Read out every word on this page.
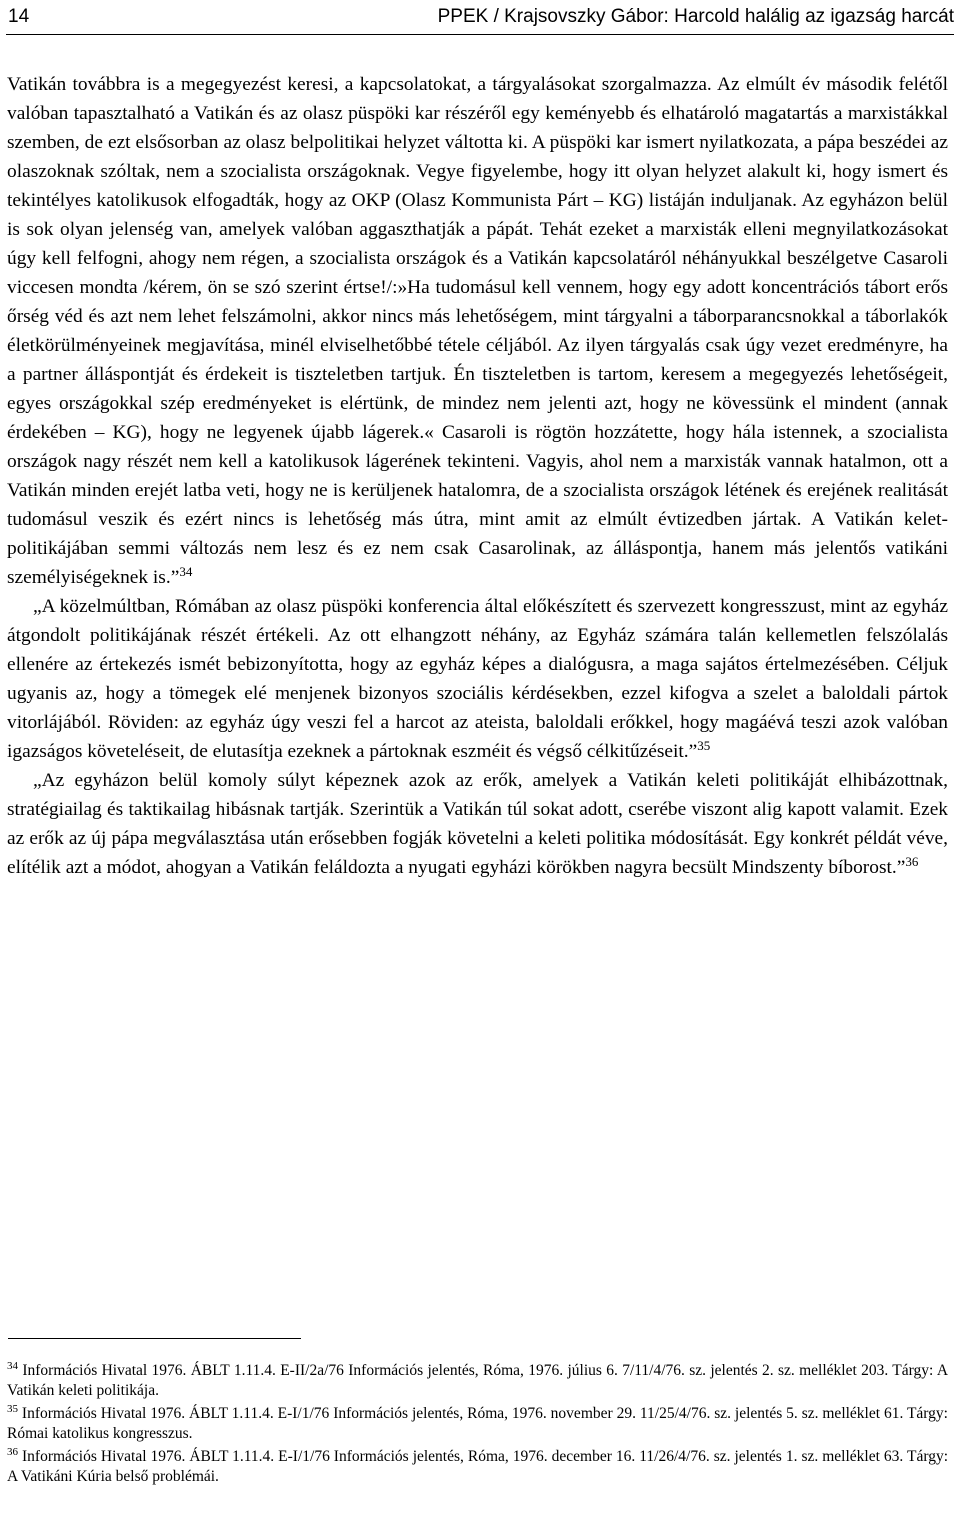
14	PPEK / Krajsovszky Gábor: Harcold halálig az igazság harcát

Vatikán továbbra is a megegyezést keresi, a kapcsolatokat, a tárgyalásokat szorgalmazza. Az elmúlt év második felétől valóban tapasztalható a Vatikán és az olasz püspöki kar részéről egy keményebb és elhatároló magatartás a marxistákkal szemben, de ezt elsősorban az olasz belpolitikai helyzet váltotta ki. A püspöki kar ismert nyilatkozata, a pápa beszédei az olaszoknak szóltak, nem a szocialista országoknak. Vegye figyelembe, hogy itt olyan helyzet alakult ki, hogy ismert és tekintélyes katolikusok elfogadták, hogy az OKP (Olasz Kommunista Párt – KG) listáján induljanak. Az egyházon belül is sok olyan jelenség van, amelyek valóban aggaszthatják a pápát. Tehát ezeket a marxisták elleni megnyilatkozásokat úgy kell felfogni, ahogy nem régen, a szocialista országok és a Vatikán kapcsolatáról néhányukkal beszélgetve Casaroli viccesen mondta /kérem, ön se szó szerint értse!/:»Ha tudomásul kell vennem, hogy egy adott koncentrációs tábort erős őrség véd és azt nem lehet felszámolni, akkor nincs más lehetőségem, mint tárgyalni a táborparancsnokkal a táborlakók életkörülményeinek megjavítása, minél elviselhetőbbé tétele céljából. Az ilyen tárgyalás csak úgy vezet eredményre, ha a partner álláspontját és érdekeit is tiszteletben tartjuk. Én tiszteletben is tartom, keresem a megegyezés lehetőségeit, egyes országokkal szép eredményeket is elértünk, de mindez nem jelenti azt, hogy ne kövessünk el mindent (annak érdekében – KG), hogy ne legyenek újabb lágerek.« Casaroli is rögtön hozzátette, hogy hála istennek, a szocialista országok nagy részét nem kell a katolikusok lágerének tekinteni. Vagyis, ahol nem a marxisták vannak hatalmon, ott a Vatikán minden erejét latba veti, hogy ne is kerüljenek hatalomra, de a szocialista országok létének és erejének realitását tudomásul veszik és ezért nincs is lehetőség más útra, mint amit az elmúlt évtizedben jártak. A Vatikán kelet-politikájában semmi változás nem lesz és ez nem csak Casarolinak, az álláspontja, hanem más jelentős vatikáni személyiségeknek is.”$^{34}$

„A közelmúltban, Rómában az olasz püspöki konferencia által előkészített és szervezett kongresszust, mint az egyház átgondolt politikájának részét értékeli. Az ott elhangzott néhány, az Egyház számára talán kellemetlen felszólalás ellenére az értekezés ismét bebizonyította, hogy az egyház képes a dialógusra, a maga sajátos értelmezésében. Céljuk ugyanis az, hogy a tömegek elé menjenek bizonyos szociális kérdésekben, ezzel kifogva a szelet a baloldali pártok vitorlájából. Röviden: az egyház úgy veszi fel a harcot az ateista, baloldali erőkkel, hogy magáévá teszi azok valóban igazságos követeléseit, de elutasítja ezeknek a pártoknak eszméit és végső célkitűzéseit.”$^{35}$

„Az egyházon belül komoly súlyt képeznek azok az erők, amelyek a Vatikán keleti politikáját elhibázottnak, stratégiailag és taktikailag hibásnak tartják. Szerintük a Vatikán túl sokat adott, cserébe viszont alig kapott valamit. Ezek az erők az új pápa megválasztása után erősebben fogják követelni a keleti politika módosítását. Egy konkrét példát véve, elítélik azt a módot, ahogyan a Vatikán feláldozta a nyugati egyházi körökben nagyra becsült Mindszenty bíborost.”$^{36}$

$^{34}$ Információs Hivatal 1976. ÁBLT 1.11.4. E-II/2a/76 Információs jelentés, Róma, 1976. július 6. 7/11/4/76. sz. jelentés 2. sz. melléklet 203. Tárgy: A Vatikán keleti politikája.

$^{35}$ Információs Hivatal 1976. ÁBLT 1.11.4. E-I/1/76 Információs jelentés, Róma, 1976. november 29. 11/25/4/76. sz. jelentés 5. sz. melléklet 61. Tárgy: Római katolikus kongresszus.

$^{36}$ Információs Hivatal 1976. ÁBLT 1.11.4. E-I/1/76 Információs jelentés, Róma, 1976. december 16. 11/26/4/76. sz. jelentés 1. sz. melléklet 63. Tárgy: A Vatikáni Kúria belső problémái.
